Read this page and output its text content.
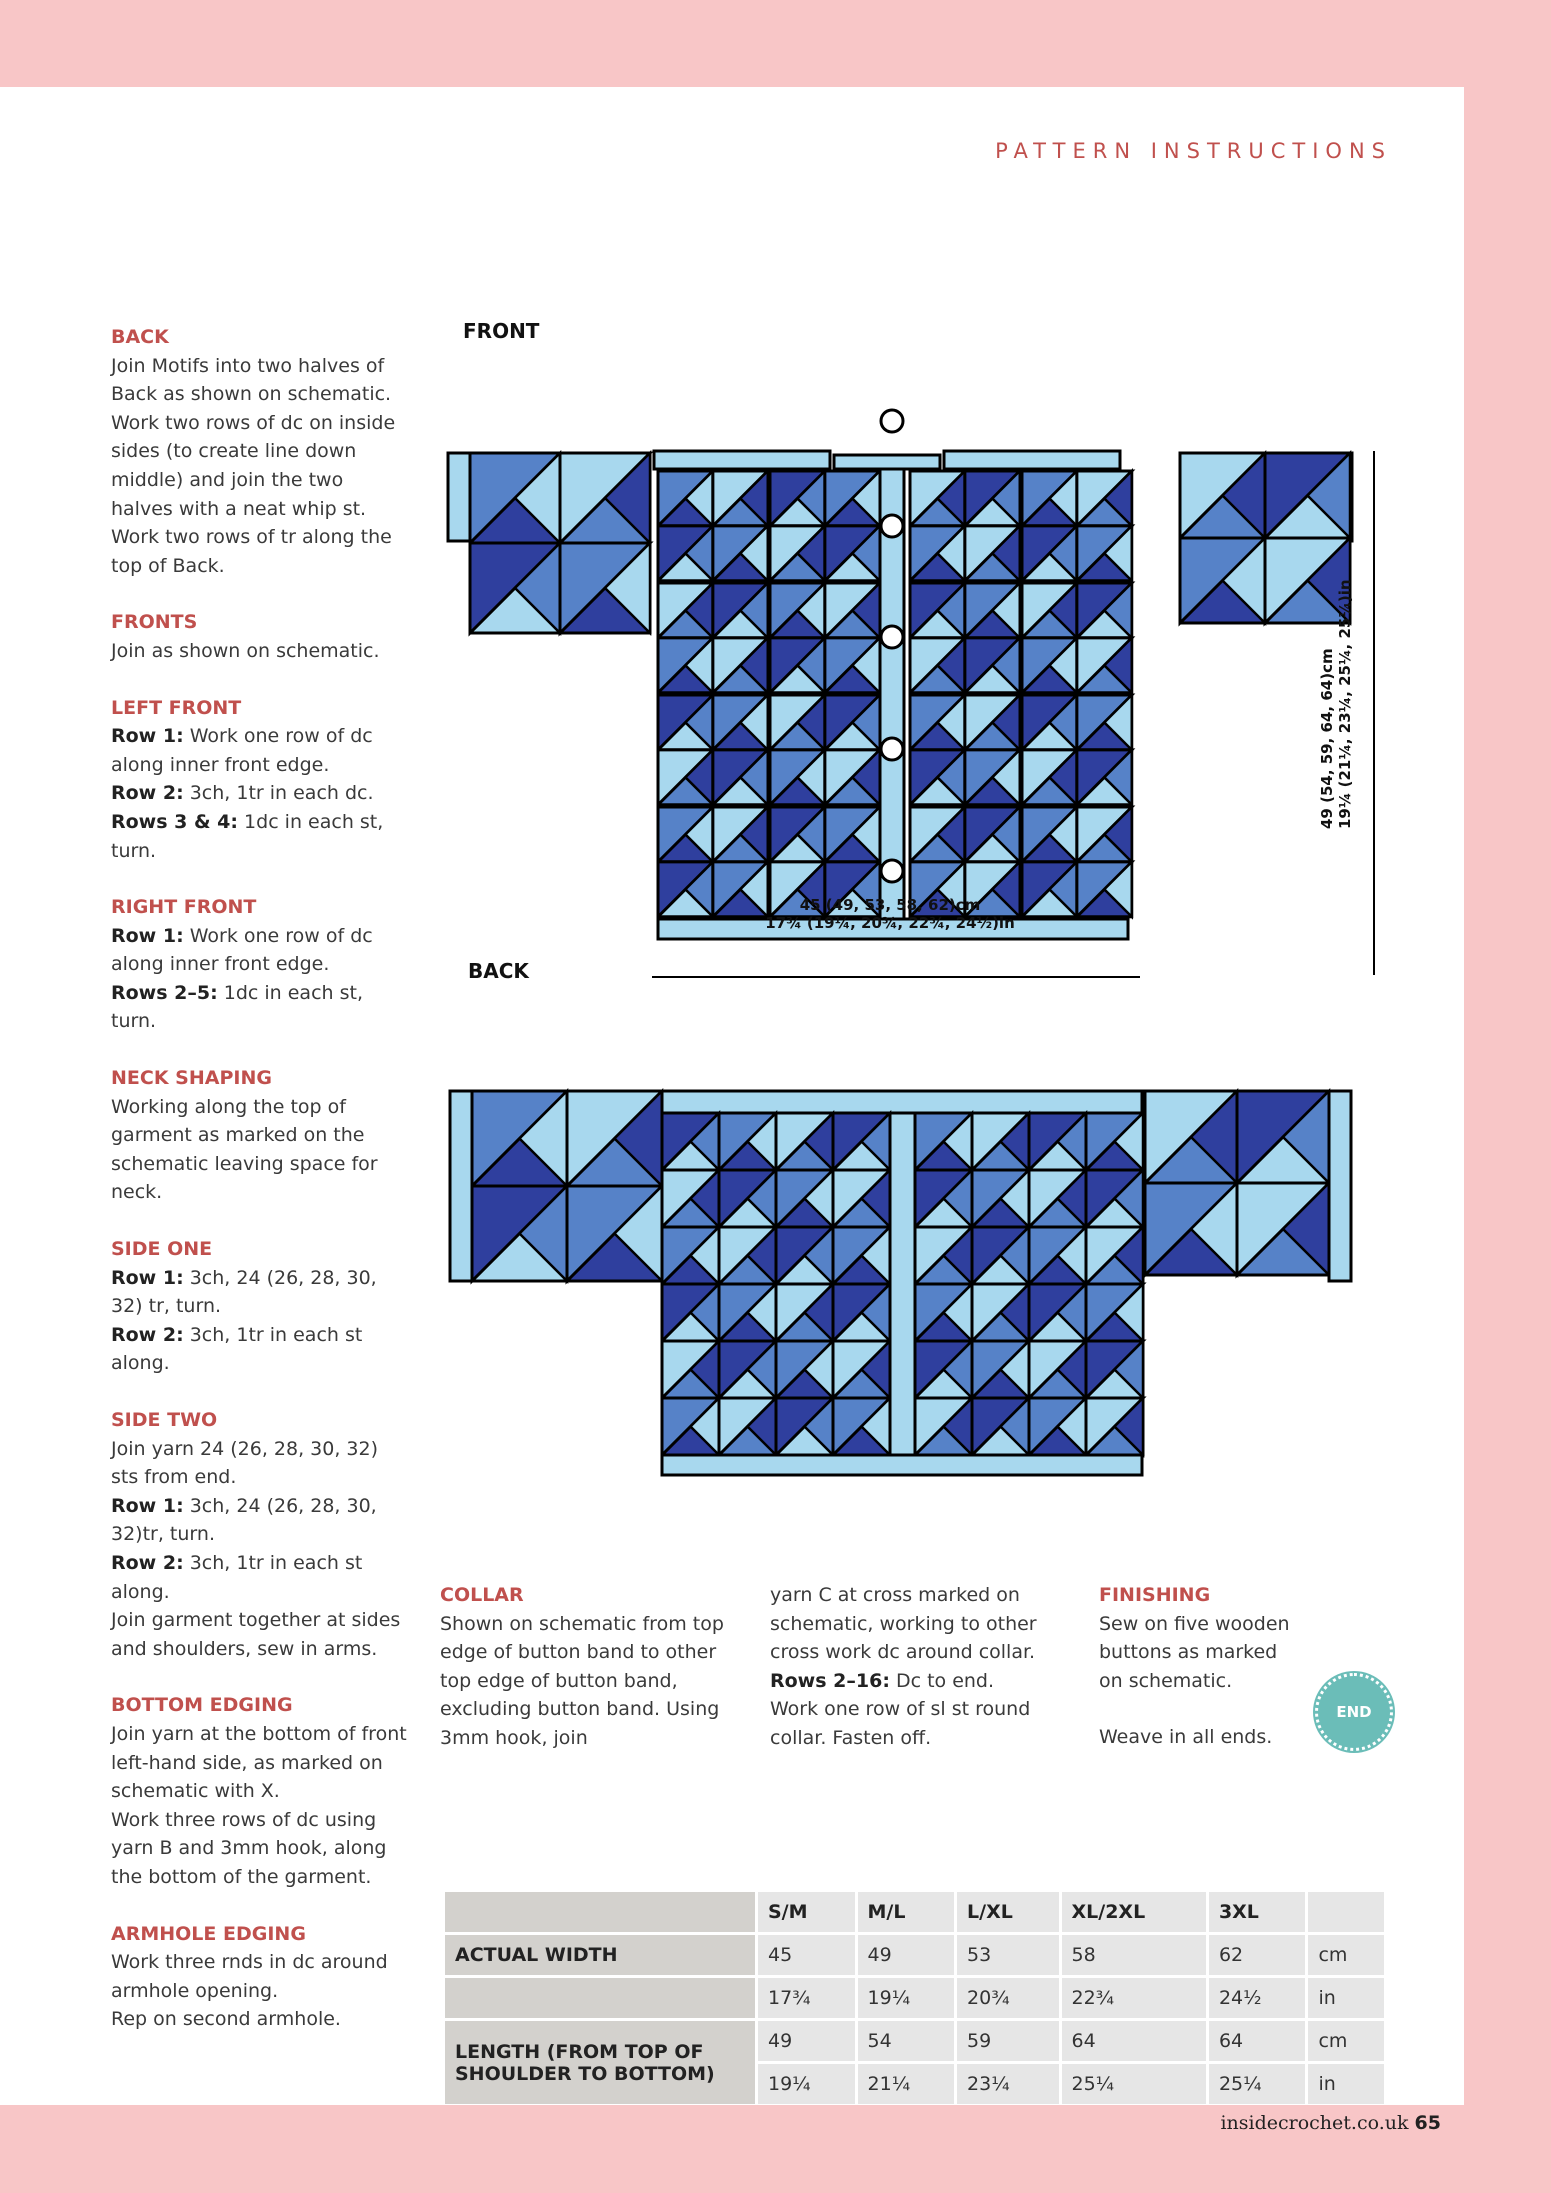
PATTERN INSTRUCTIONS
BACK

Join Motifs into two halves of Back as shown on schematic. Work two rows of dc on inside sides (to create line down middle) and join the two halves with a neat whip st. Work two rows of tr along the top of Back.

FRONTS

Join as shown on schematic.

LEFT FRONT

Row 1: Work one row of dc along inner front edge.

Row 2: 3ch, 1tr in each dc.

Rows 3 & 4: 1dc in each st, turn.

RIGHT FRONT

Row 1: Work one row of dc along inner front edge.

Rows 2–5: 1dc in each st, turn.

NECK SHAPING

Working along the top of garment as marked on the schematic leaving space for neck.

SIDE ONE

Row 1: 3ch, 24 (26, 28, 30, 32) tr, turn.

Row 2: 3ch, 1tr in each st along.

SIDE TWO

Join yarn 24 (26, 28, 30, 32) sts from end.

Row 1: 3ch, 24 (26, 28, 30, 32)tr, turn.

Row 2: 3ch, 1tr in each st along.

Join garment together at sides and shoulders, sew in arms.

BOTTOM EDGING

Join yarn at the bottom of front left-hand side, as marked on schematic with X.

Work three rows of dc using yarn B and 3mm hook, along the bottom of the garment.

ARMHOLE EDGING

Work three rnds in dc around armhole opening.

Rep on second armhole.

FRONT
45 (49, 53, 58, 62)cm
17¾ (19¼, 20¾, 22¾, 24½)in
49 (54, 59, 64, 64)cm 19¼ (21¼, 23¼, 25¼, 25¼)in
BACK
COLLAR

Shown on schematic from top edge of button band to other top edge of button band, excluding button band. Using 3mm hook, join

yarn C at cross marked on schematic, working to other cross work dc around collar.

Rows 2–16: Dc to end.

Work one row of sl st round collar. Fasten off.

FINISHING

Sew on five wooden buttons as marked on schematic.

Weave in all ends.

END
	S/M	M/L	L/XL	XL/2XL	3XL	
ACTUAL WIDTH	45	49	53	58	62	cm
	17¾	19¼	20¾	22¾	24½	in
LENGTH (FROM TOP OF SHOULDER TO BOTTOM)	49	54	59	64	64	cm
	19¼	21¼	23¼	25¼	25¼	in
insidecrochet.co.uk 65
